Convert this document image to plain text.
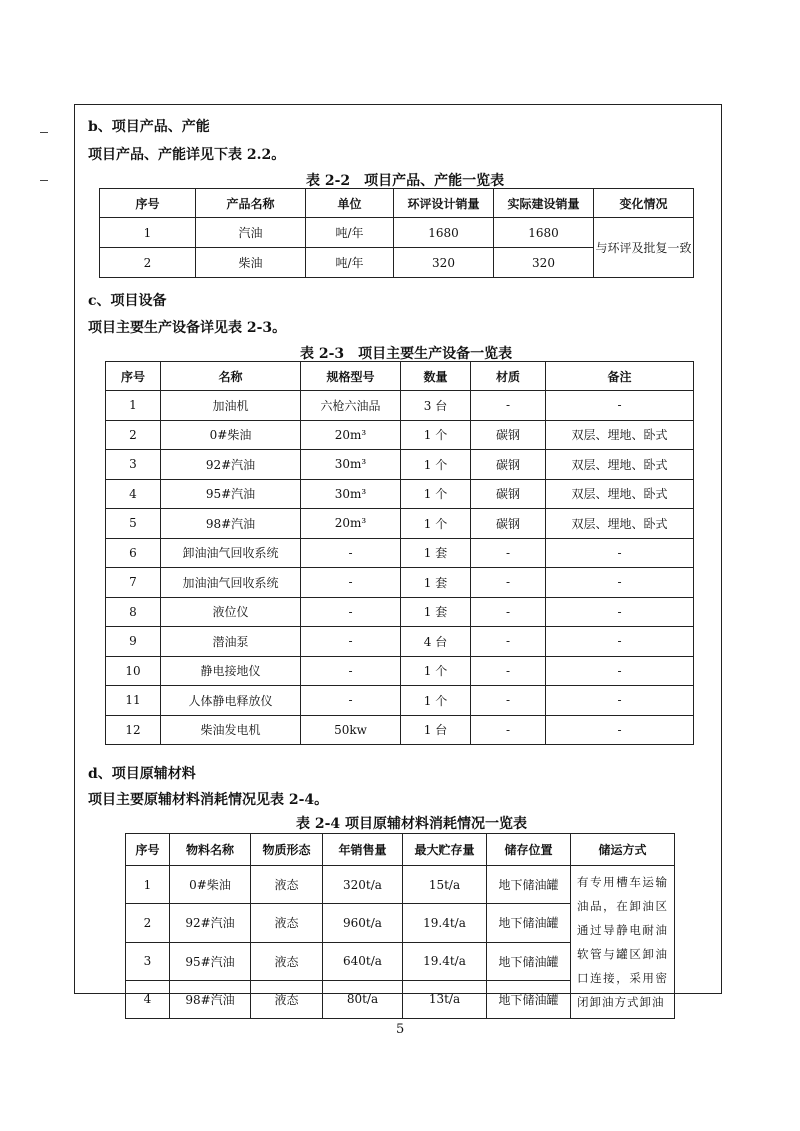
b、项目产品、产能
项目产品、产能详见下表 2.2。
表 2-2　项目产品、产能一览表
序号	产品名称	单位	环评设计销量	实际建设销量	变化情况
1	汽油	吨/年	1680	1680	与环评及批复一致
2	柴油	吨/年	320	320	
c、项目设备
项目主要生产设备详见表 2-3。
表 2-3　项目主要生产设备一览表
序号	名称	规格型号	数量	材质	备注
1	加油机	六枪六油品	3 台	-	-
2	0#柴油	20m³	1 个	碳钢	双层、埋地、卧式
3	92#汽油	30m³	1 个	碳钢	双层、埋地、卧式
4	95#汽油	30m³	1 个	碳钢	双层、埋地、卧式
5	98#汽油	20m³	1 个	碳钢	双层、埋地、卧式
6	卸油油气回收系统	-	1 套	-	-
7	加油油气回收系统	-	1 套	-	-
8	液位仪	-	1 套	-	-
9	潜油泵	-	4 台	-	-
10	静电接地仪	-	1 个	-	-
11	人体静电释放仪	-	1 个	-	-
12	柴油发电机	50kw	1 台	-	-
d、项目原辅材料
项目主要原辅材料消耗情况见表 2-4。
表 2-4 项目原辅材料消耗情况一览表
序号	物料名称	物质形态	年销售量	最大贮存量	储存位置	储运方式
1	0#柴油	液态	320t/a	15t/a	地下储油罐	有专用槽车运输油品，在卸油区通过导静电耐油软管与罐区卸油口连接，采用密闭卸油方式卸油
2	92#汽油	液态	960t/a	19.4t/a	地下储油罐	
3	95#汽油	液态	640t/a	19.4t/a	地下储油罐	
4	98#汽油	液态	80t/a	13t/a	地下储油罐	
5
